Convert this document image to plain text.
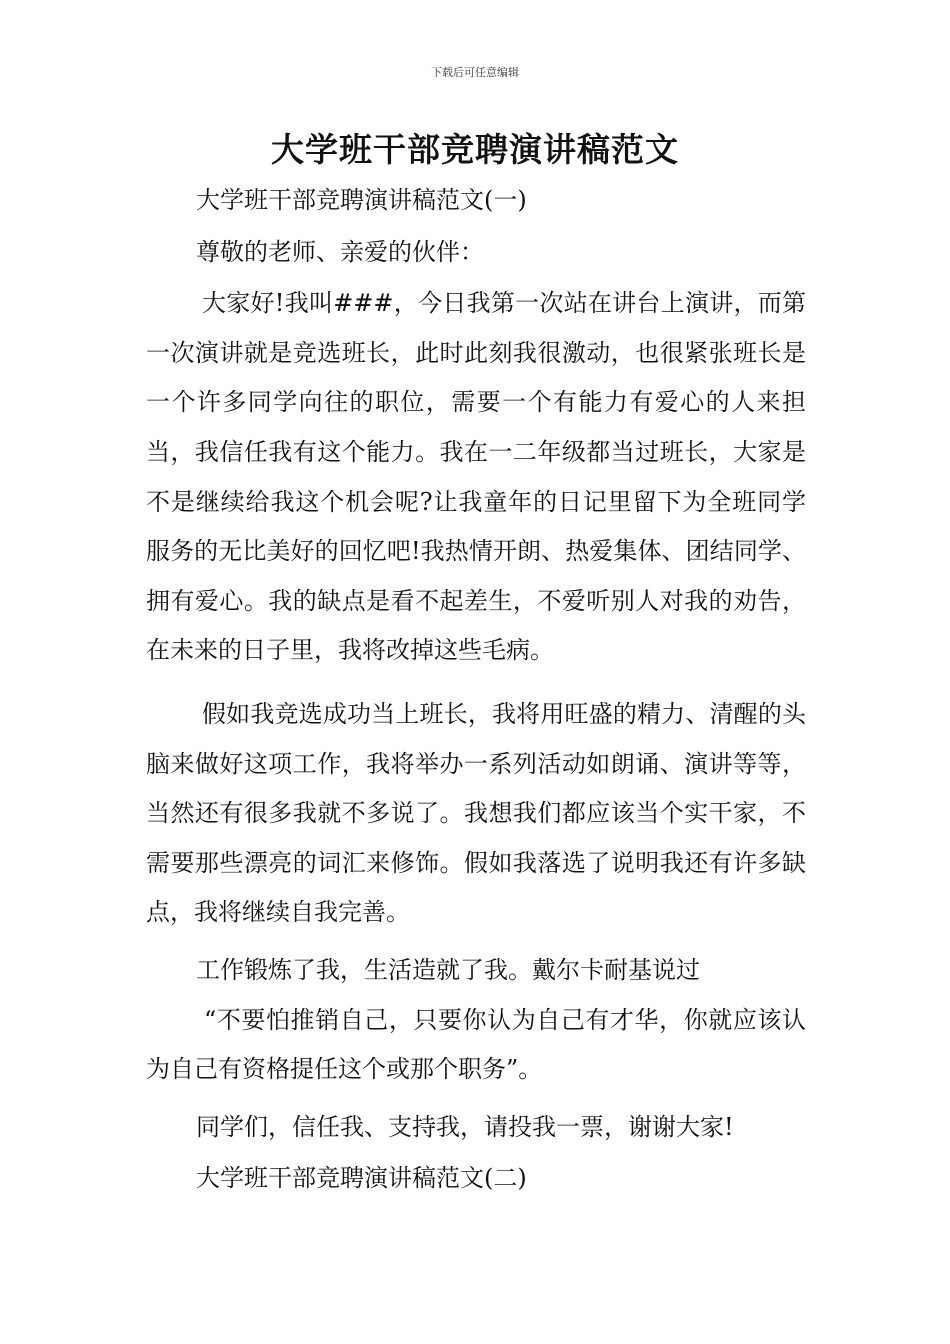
下载后可任意编辑
大学班干部竞聘演讲稿范文

大学班干部竞聘演讲稿范文(一)

尊敬的老师、亲爱的伙伴：

大家好!我叫###，今日我第一次站在讲台上演讲，而第一次演讲就是竞选班长，此时此刻我很激动，也很紧张班长是一个许多同学向往的职位，需要一个有能力有爱心的人来担当，我信任我有这个能力。我在一二年级都当过班长，大家是不是继续给我这个机会呢?让我童年的日记里留下为全班同学服务的无比美好的回忆吧!我热情开朗、热爱集体、团结同学、拥有爱心。我的缺点是看不起差生，不爱听别人对我的劝告，在未来的日子里，我将改掉这些毛病。

假如我竞选成功当上班长，我将用旺盛的精力、清醒的头脑来做好这项工作，我将举办一系列活动如朗诵、演讲等等，当然还有很多我就不多说了。我想我们都应该当个实干家，不需要那些漂亮的词汇来修饰。假如我落选了说明我还有许多缺点，我将继续自我完善。

工作锻炼了我，生活造就了我。戴尔卡耐基说过

“不要怕推销自己，只要你认为自己有才华，你就应该认为自己有资格提任这个或那个职务”。

同学们，信任我、支持我，请投我一票，谢谢大家!

大学班干部竞聘演讲稿范文(二)
